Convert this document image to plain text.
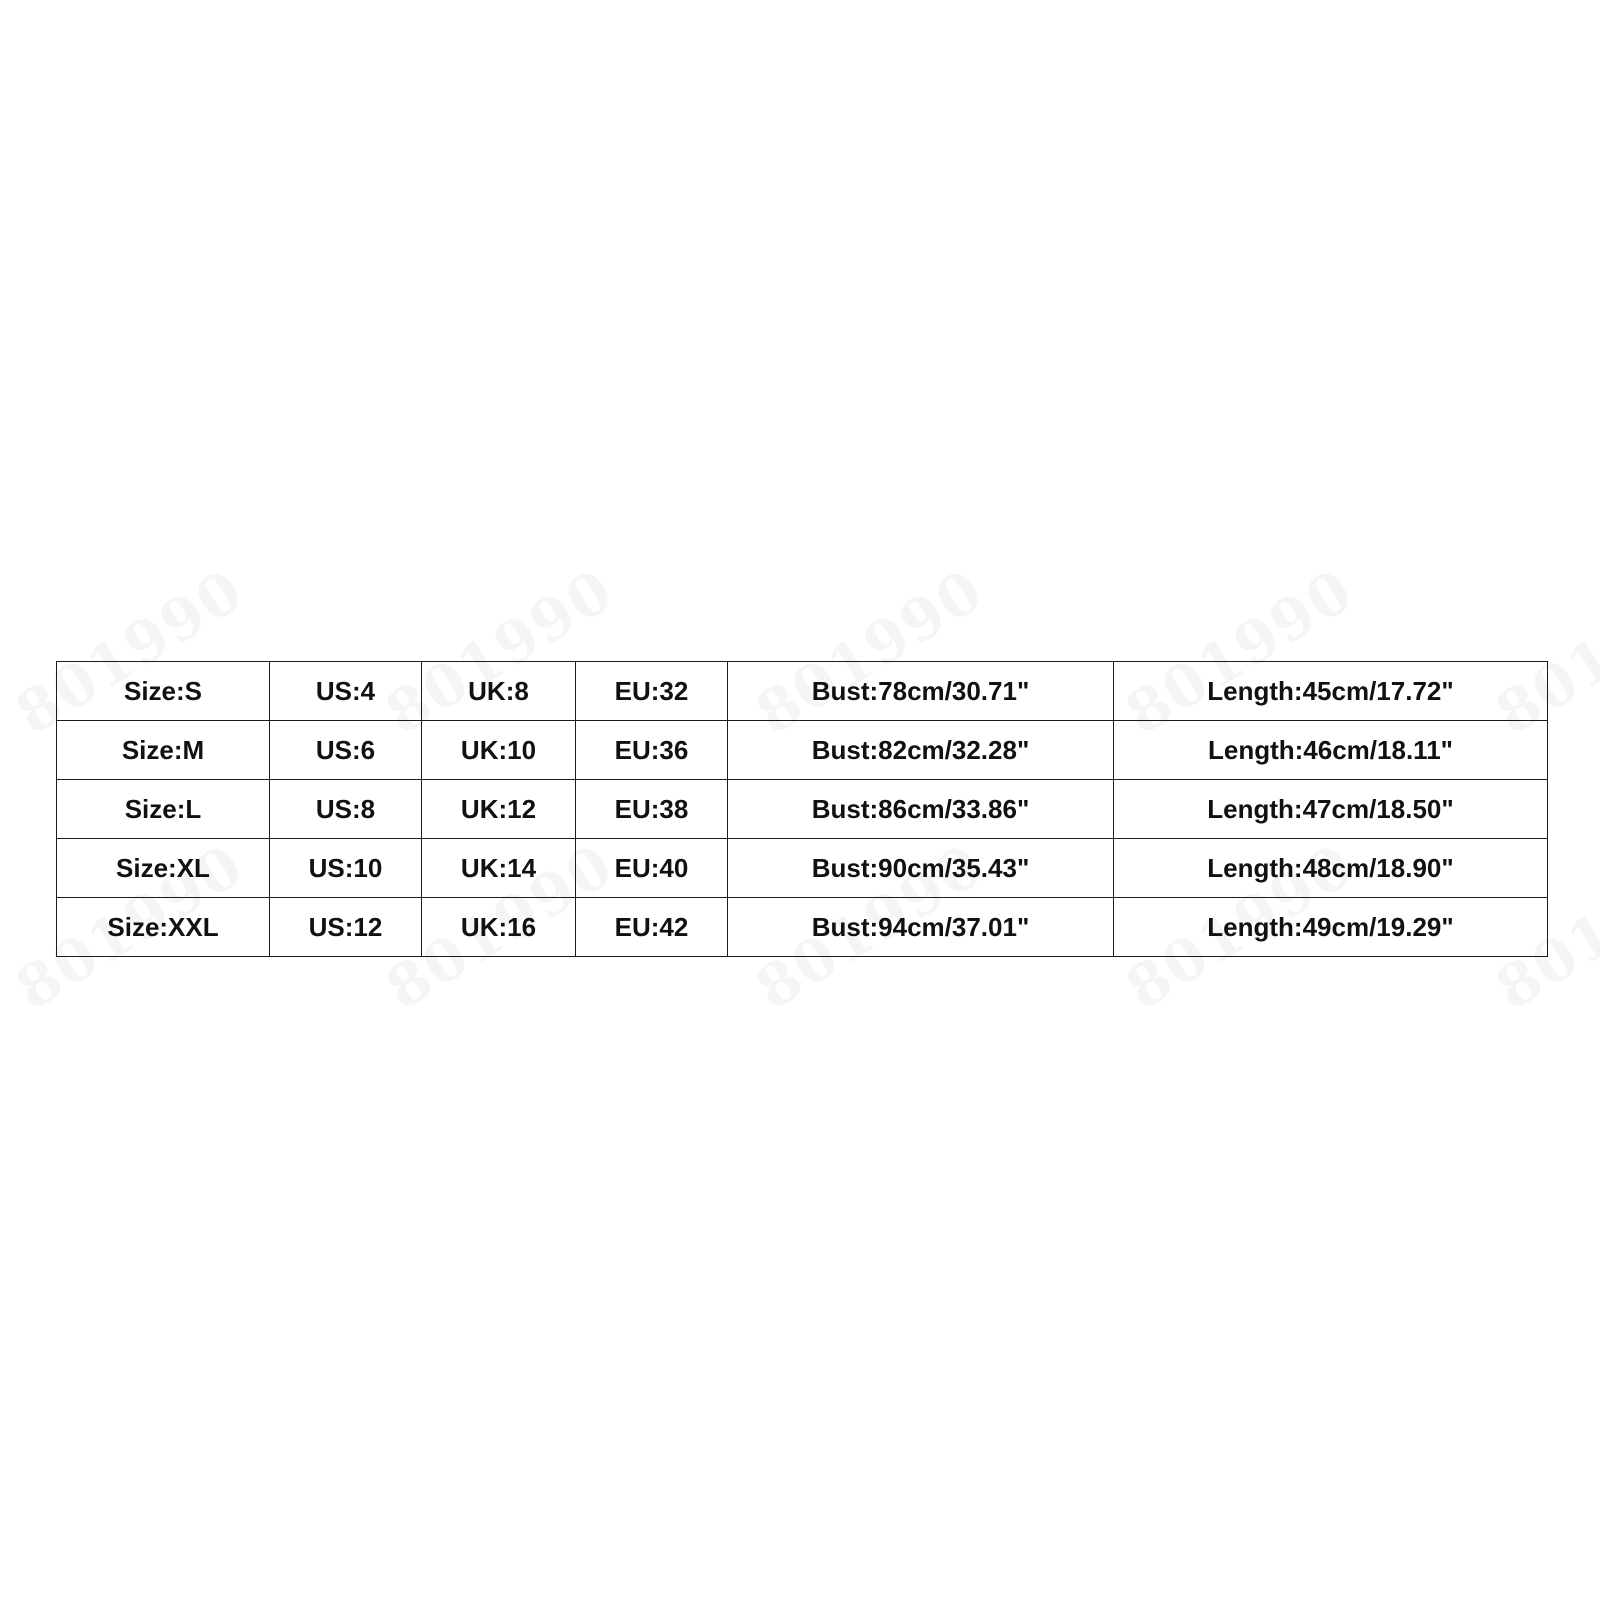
Size:S	US:4	UK:8	EU:32	Bust:78cm/30.71"	Length:45cm/17.72"
Size:M	US:6	UK:10	EU:36	Bust:82cm/32.28"	Length:46cm/18.11"
Size:L	US:8	UK:12	EU:38	Bust:86cm/33.86"	Length:47cm/18.50"
Size:XL	US:10	UK:14	EU:40	Bust:90cm/35.43"	Length:48cm/18.90"
Size:XXL	US:12	UK:16	EU:42	Bust:94cm/37.01"	Length:49cm/19.29"
